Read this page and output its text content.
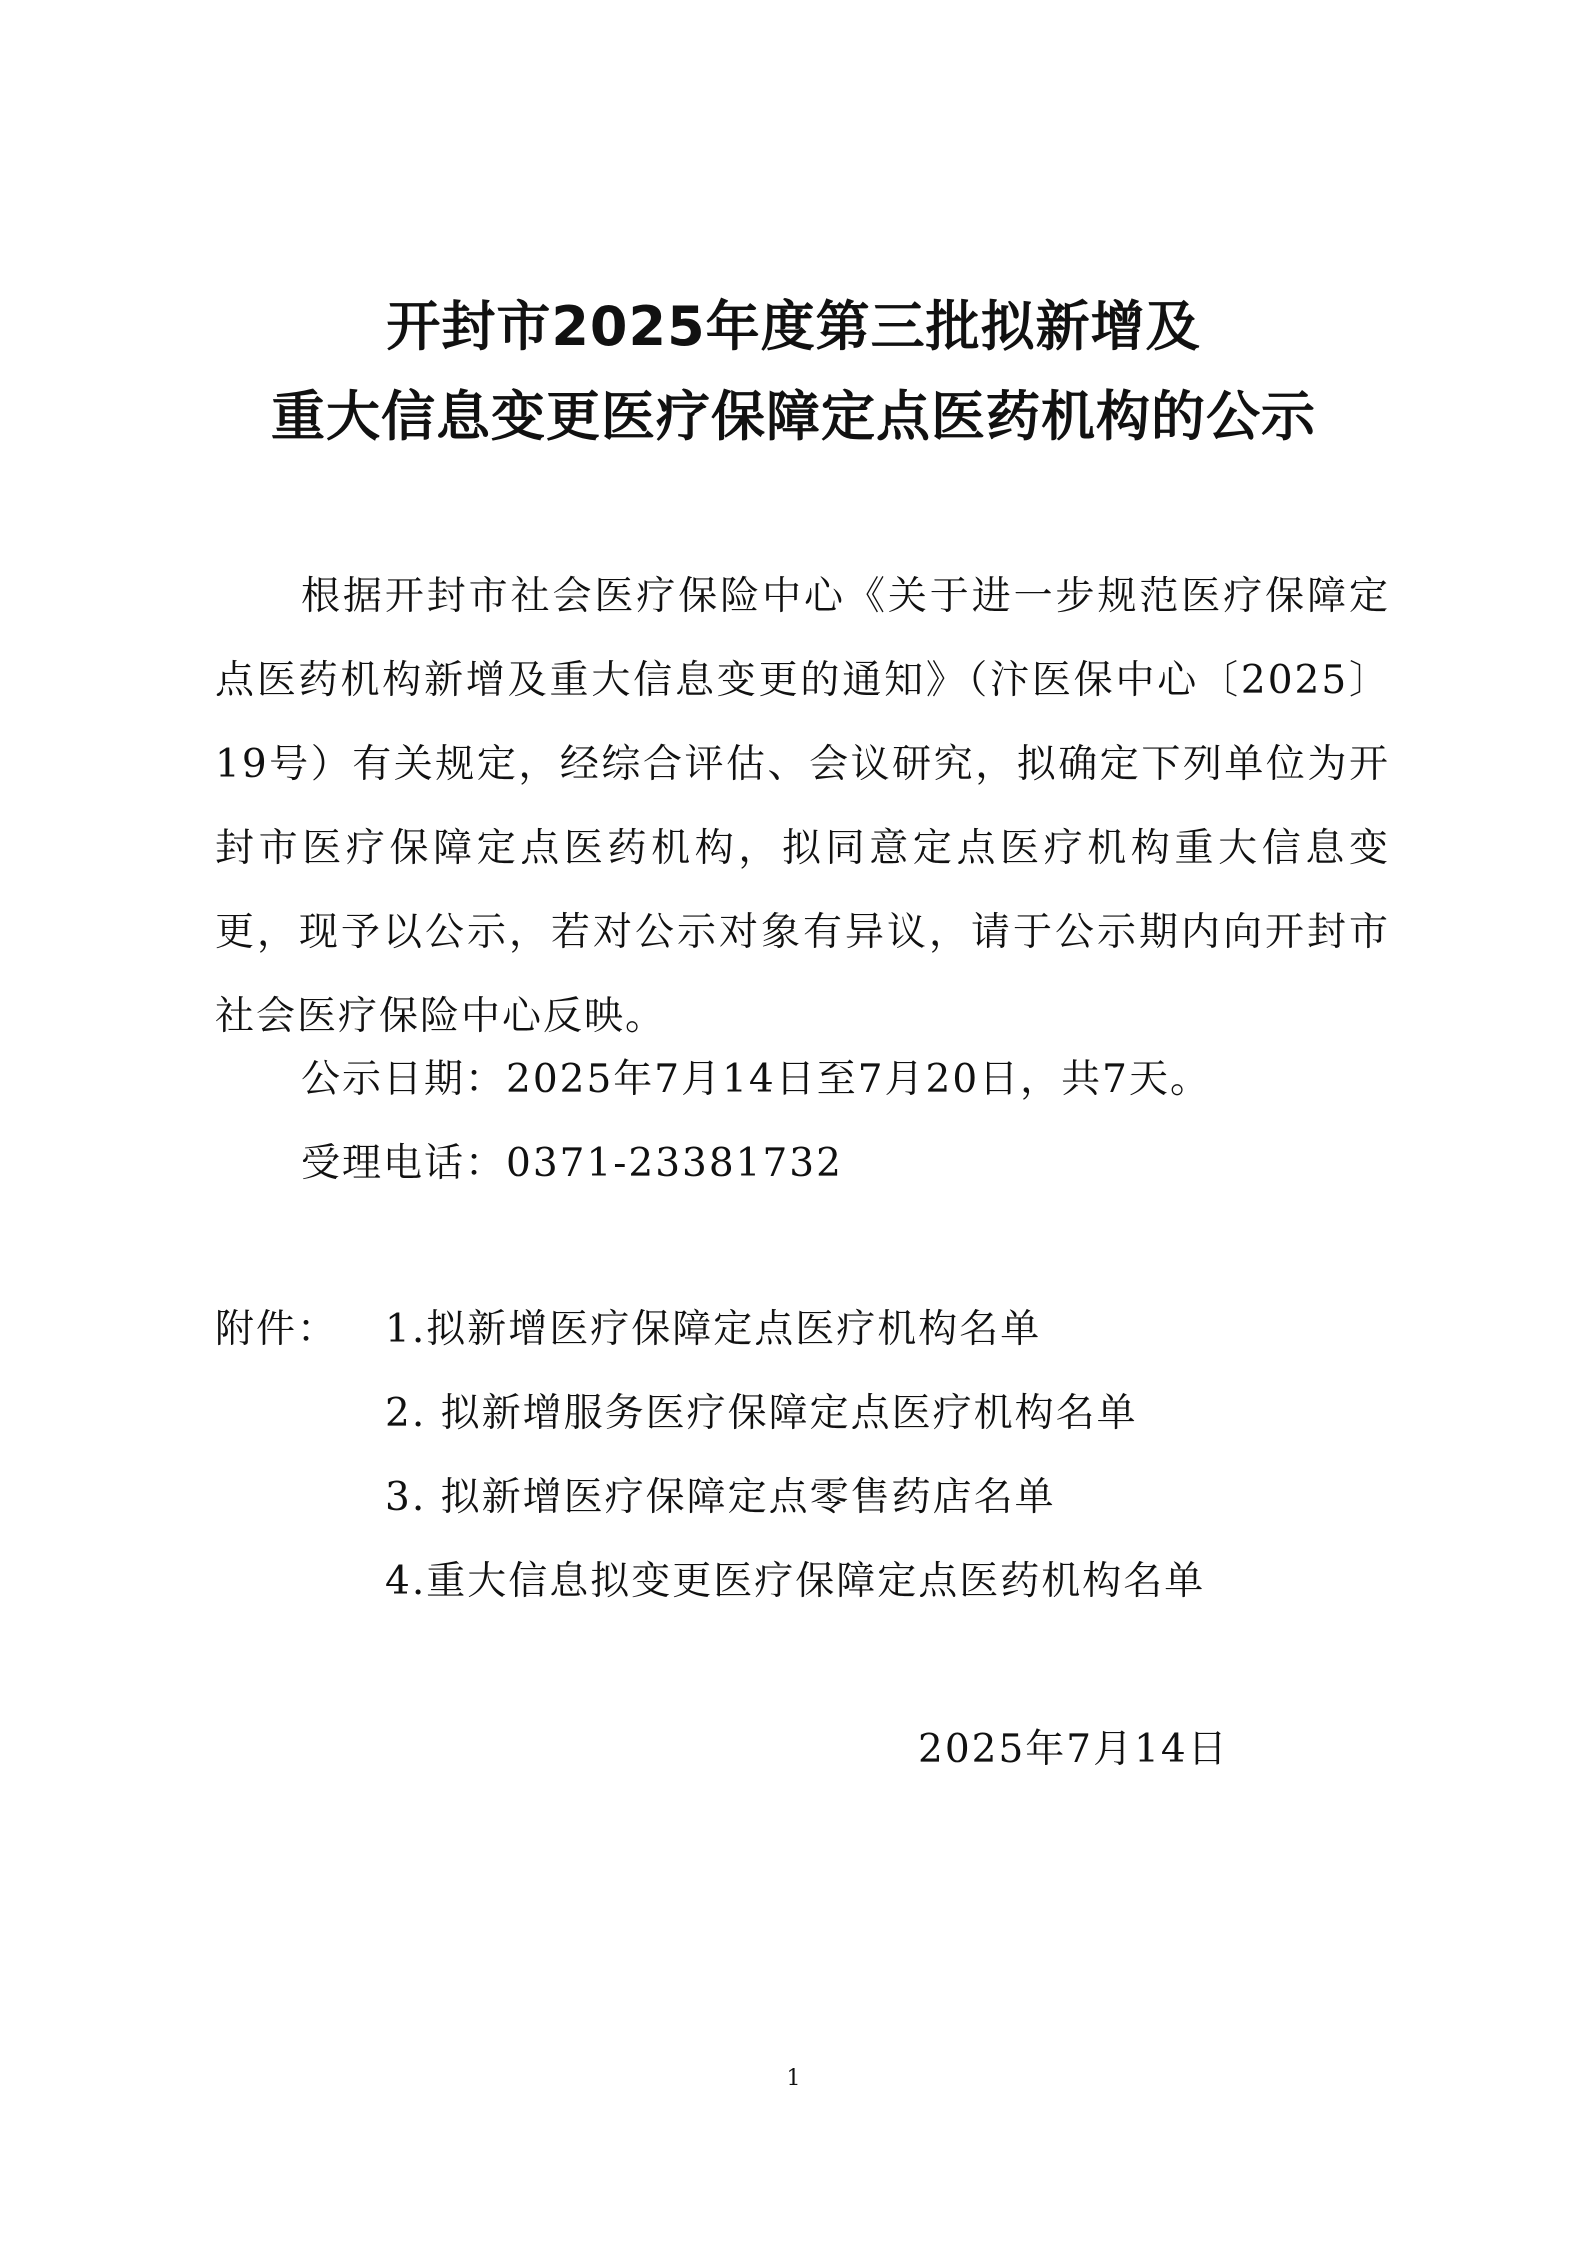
开封市2025年度第三批拟新增及
重大信息变更医疗保障定点医药机构的公示
根据开封市社会医疗保险中心《关于进一步规范医疗保障定点医药机构新增及重大信息变更的通知》（汴医保中心〔2025〕19号）有关规定，经综合评估、会议研究，拟确定下列单位为开封市医疗保障定点医药机构，拟同意定点医疗机构重大信息变更，现予以公示，若对公示对象有异议，请于公示期内向开封市社会医疗保险中心反映。
公示日期：2025年7月14日至7月20日，共7天。
受理电话：0371-23381732
附件： 1.拟新增医疗保障定点医疗机构名单
2. 拟新增服务医疗保障定点医疗机构名单
3. 拟新增医疗保障定点零售药店名单
4.重大信息拟变更医疗保障定点医药机构名单
2025年7月14日
1
